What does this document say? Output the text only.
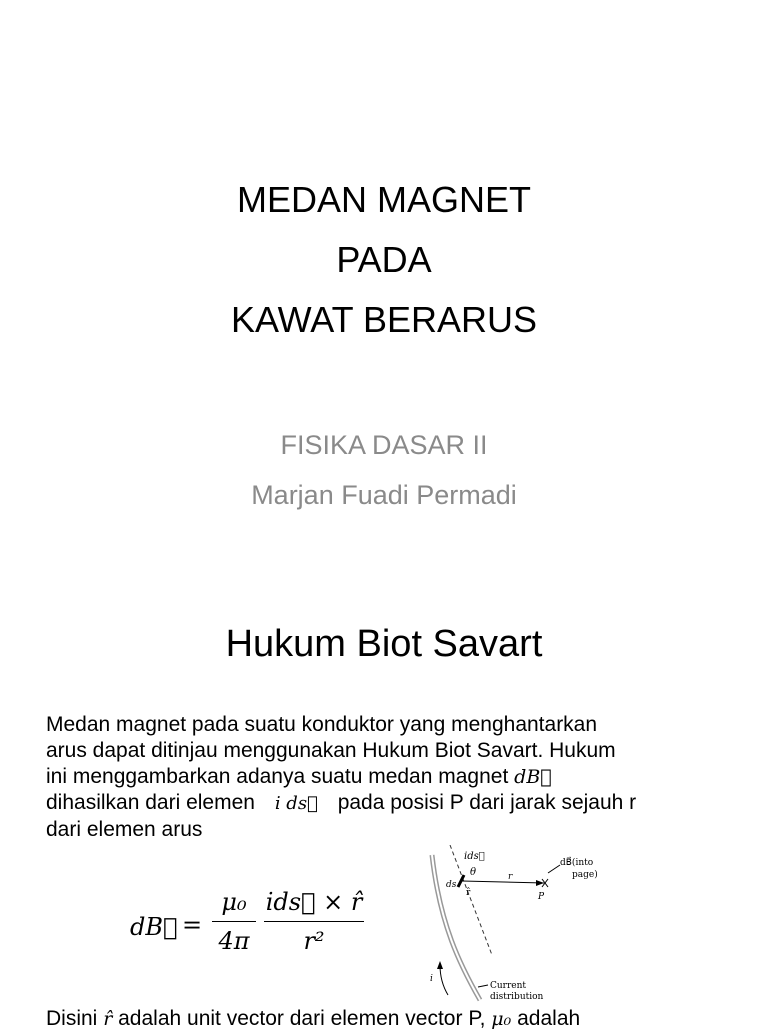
MEDAN MAGNET
PADA
KAWAT BERARUS
FISIKA DASAR II
Marjan Fuadi Permadi
Hukum Biot Savart
Medan magnet pada suatu konduktor yang menghantarkan
arus dapat ditinjau menggunakan Hukum Biot Savart. Hukum
ini menggambarkan adanya suatu medan magnet dB⃗
dihasilkan dari elemen i ds⃗ pada posisi P dari jarak sejauh r
dari elemen arus
dB⃗ =
μ₀
4π
ids⃗ × r̂
r²
ids⃗
θ
ds
r̂
r
P
dB⃗(into
page)
i
Current
distribution
Disini r̂ adalah unit vector dari elemen vector P, μ₀ adalah
